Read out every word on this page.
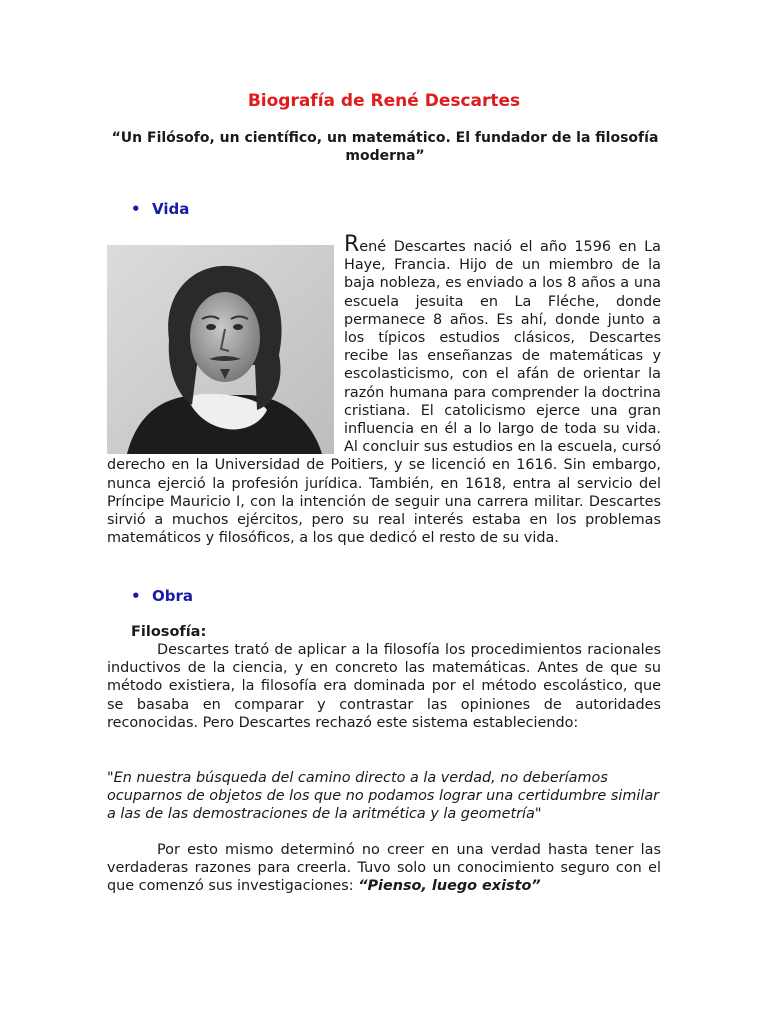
Biografía de René Descartes

“Un Filósofo, un científico, un matemático. El fundador de la filosofía moderna”

• Vida

René Descartes nació el año 1596 en La Haye, Francia. Hijo de un miembro de la baja nobleza, es enviado a los 8 años a una escuela jesuita en La Fléche, donde permanece 8 años. Es ahí, donde junto a los típicos estudios clásicos, Descartes recibe las enseñanzas de matemáticas y escolasticismo, con el afán de orientar la razón humana para comprender la doctrina cristiana. El catolicismo ejerce una gran influencia en él a lo largo de toda su vida. Al concluir sus estudios en la escuela, cursó derecho en la Universidad de Poitiers, y se licenció en 1616. Sin embargo, nunca ejerció la profesión jurídica. También, en 1618, entra al servicio del Príncipe Mauricio I, con la intención de seguir una carrera militar. Descartes sirvió a muchos ejércitos, pero su real interés estaba en los problemas matemáticos y filosóficos, a los que dedicó el resto de su vida.

• Obra
Filosofía:

Descartes trató de aplicar a la filosofía los procedimientos racionales inductivos de la ciencia, y en concreto las matemáticas. Antes de que su método existiera, la filosofía era dominada por el método escolástico, que se basaba en comparar y contrastar las opiniones de autoridades reconocidas. Pero Descartes rechazó este sistema estableciendo:

"En nuestra búsqueda del camino directo a la verdad, no deberíamos ocuparnos de objetos de los que no podamos lograr una certidumbre similar a las de las demostraciones de la aritmética y la geometría"

Por esto mismo determinó no creer en una verdad hasta tener las verdaderas razones para creerla. Tuvo solo un conocimiento seguro con el que comenzó sus investigaciones: “Pienso, luego existo”
